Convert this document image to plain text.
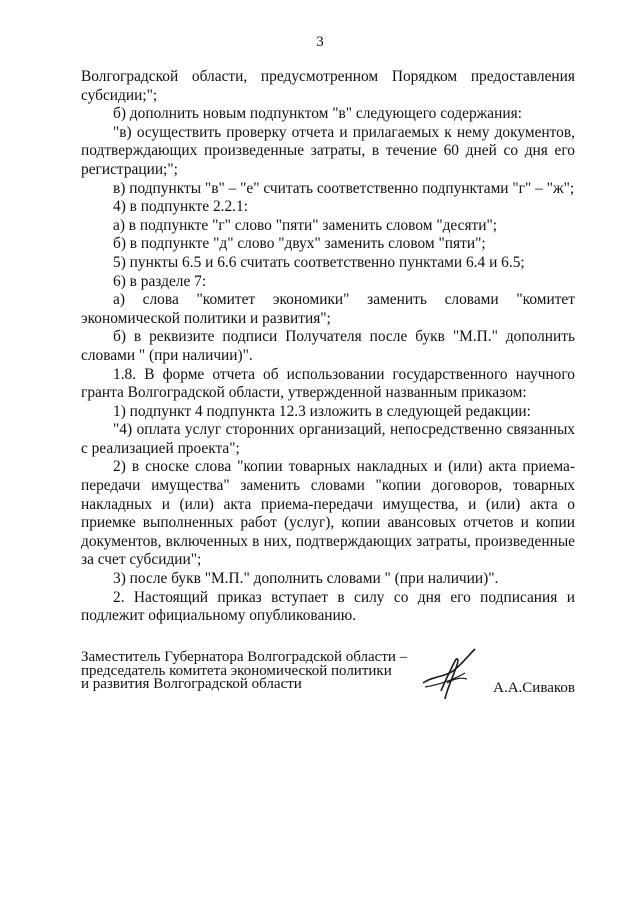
3

Волгоградской области, предусмотренном Порядком предоставления субсидии;";

б) дополнить новым подпунктом "в" следующего содержания:

"в) осуществить проверку отчета и прилагаемых к нему документов, подтверждающих произведенные затраты, в течение 60 дней со дня его регистрации;";

в) подпункты "в" – "е" считать соответственно подпунктами "г" – "ж";

4) в подпункте 2.2.1:

а) в подпункте "г" слово "пяти" заменить словом "десяти";

б) в подпункте "д" слово "двух" заменить словом "пяти";

5) пункты 6.5 и 6.6 считать соответственно пунктами 6.4 и 6.5;

6) в разделе 7:

а) слова "комитет экономики" заменить словами "комитет экономической политики и развития";

б) в реквизите подписи Получателя после букв "М.П." дополнить словами " (при наличии)".

1.8. В форме отчета об использовании государственного научного гранта Волгоградской области, утвержденной названным приказом:

1) подпункт 4 подпункта 12.3 изложить в следующей редакции:

"4) оплата услуг сторонних организаций, непосредственно связанных с реализацией проекта";

2) в сноске слова "копии товарных накладных и (или) акта приема-передачи имущества" заменить словами "копии договоров, товарных накладных и (или) акта приема-передачи имущества, и (или) акта о приемке выполненных работ (услуг), копии авансовых отчетов и копии документов, включенных в них, подтверждающих затраты, произведенные за счет субсидии";

3) после букв "М.П." дополнить словами " (при наличии)".

2. Настоящий приказ вступает в силу со дня его подписания и подлежит официальному опубликованию.

Заместитель Губернатора Волгоградской области –
председатель комитета экономической политики
и развития Волгоградской области	А.А.Сиваков
